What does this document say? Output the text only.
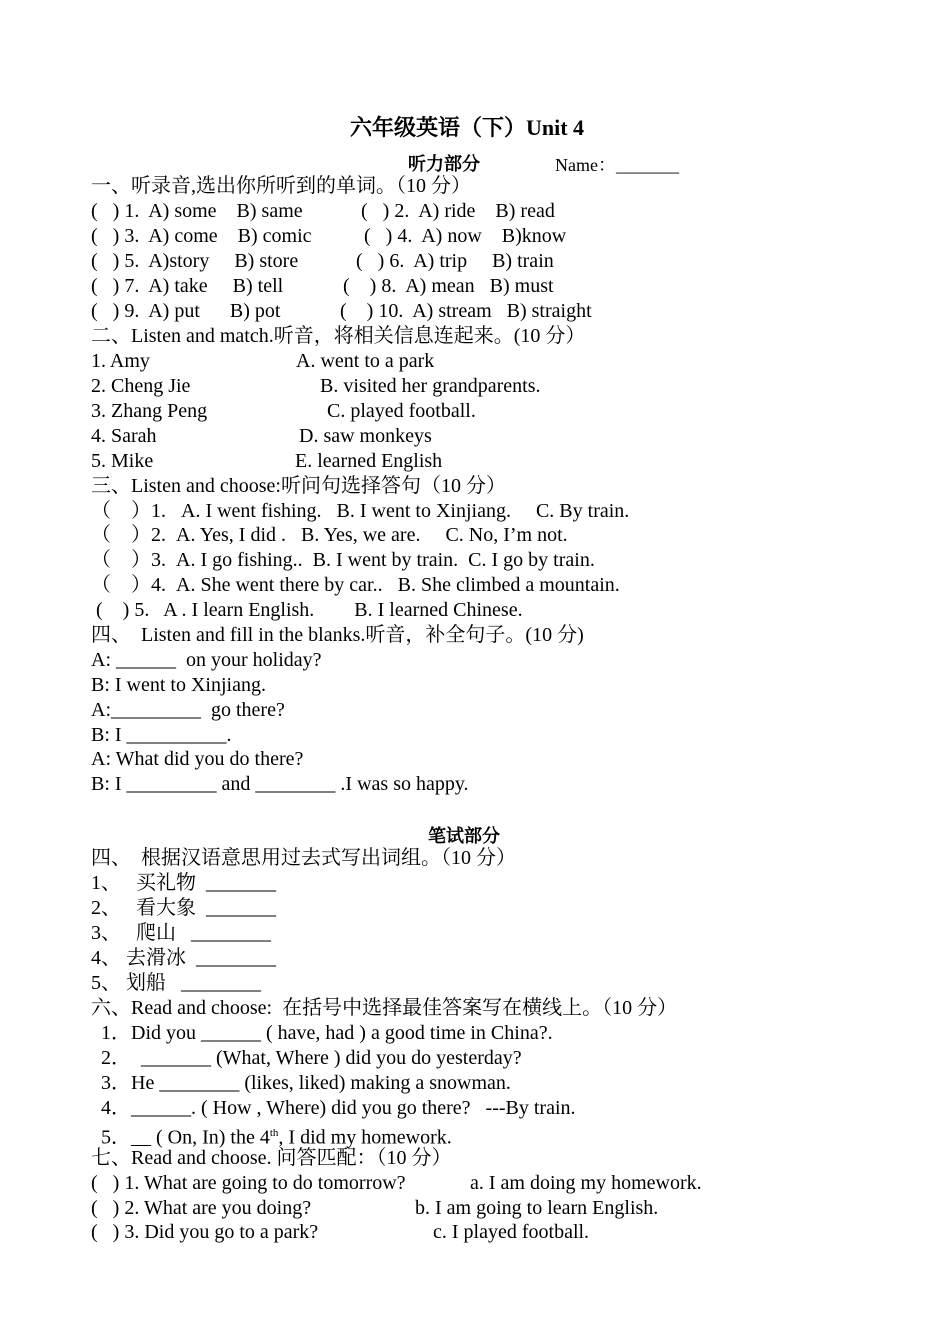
六年级英语（下）Unit 4
听力部分	Name：_______
一、听录音,选出你所听到的单词。（10 分）
(   ) 1.  A) some    B) same	(   ) 2.  A) ride    B) read
(   ) 3.  A) come    B) comic	(   ) 4.  A) now    B)know
(   ) 5.  A)story     B) store	(   ) 6.  A) trip     B) train
(   ) 7.  A) take     B) tell	(    ) 8.  A) mean   B) must
(   ) 9.  A) put      B) pot	(    ) 10.  A) stream   B) straight
二、Listen and match.听音，将相关信息连起来。(10 分）
1. Amy	A. went to a park
2. Cheng Jie	B. visited her grandparents.
3. Zhang Peng	C. played football.
4. Sarah	D. saw monkeys
5. Mike	E. learned English
三、Listen and choose:听问句选择答句（10 分）
（    ）1.   A. I went fishing.   B. I went to Xinjiang.     C. By train.
（    ）2.  A. Yes, I did .   B. Yes, we are.     C. No, I’m not.
（    ）3.  A. I go fishing..  B. I went by train.  C. I go by train.
（    ）4.  A. She went there by car..   B. She climbed a mountain.
(    ) 5.   A . I learn English.        B. I learned Chinese.
四、  Listen and fill in the blanks.听音，补全句子。(10 分)
A: ______  on your holiday?
B: I went to Xinjiang.
A:_________  go there?
B: I __________.
A: What did you do there?
B: I _________ and ________ .I was so happy.
笔试部分
四、  根据汉语意思用过去式写出词组。（10 分）
1、   买礼物  _______
2、   看大象  _______
3、   爬山   ________
4、 去滑冰  ________
5、 划船   ________
六、Read and choose:  在括号中选择最佳答案写在横线上。（10 分）
1．Did you ______ ( have, had ) a good time in China?.
2．  _______ (What, Where ) did you do yesterday?
3．He ________ (likes, liked) making a snowman.
4．______. ( How , Where) did you go there?   ---By train.
5．__ ( On, In) the 4th, I did my homework.
七、Read and choose. 问答匹配：（10 分）
(   ) 1. What are going to do tomorrow?	a. I am doing my homework.
(   ) 2. What are you doing?	b. I am going to learn English.
(   ) 3. Did you go to a park?	c. I played football.
